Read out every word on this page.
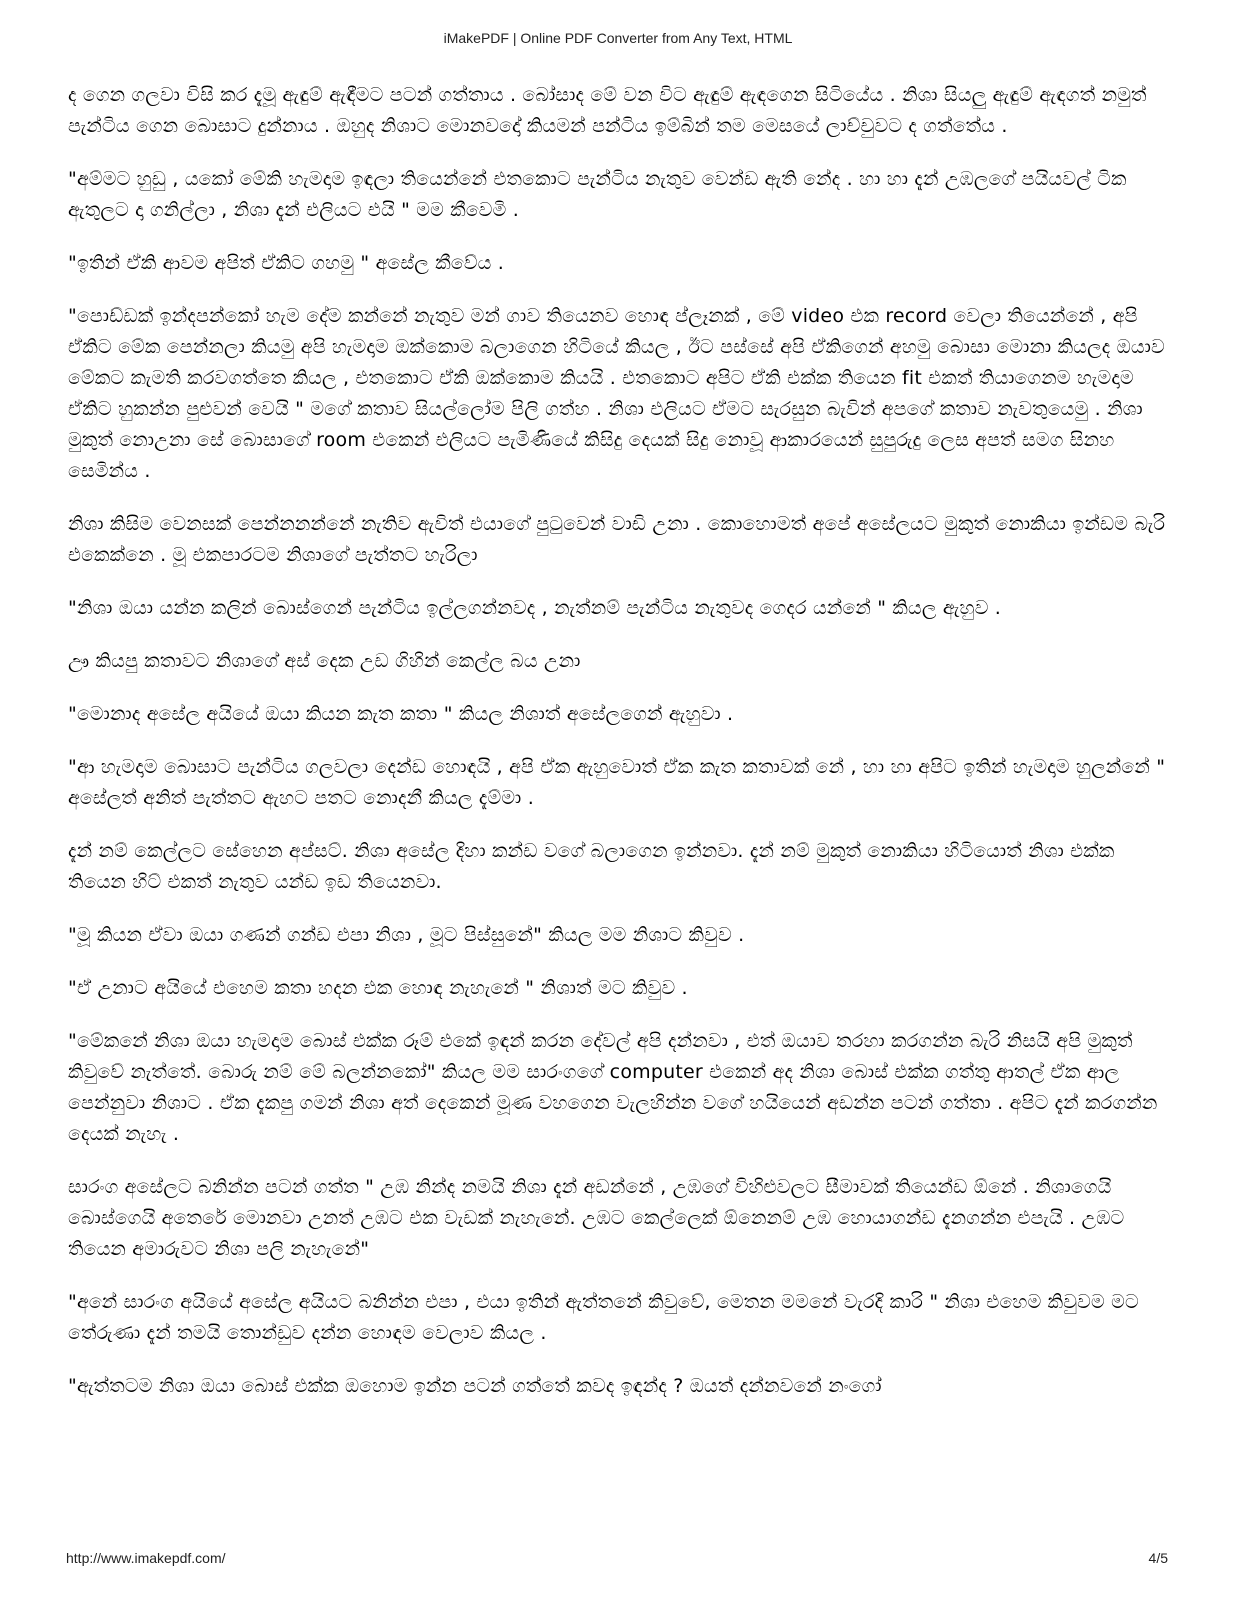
iMakePDF | Online PDF Converter from Any Text, HTML

ද ගෙන ගලවා විසි කර දැමූ ඇඳුම් ඇඳීමට පටන් ගත්තාය . බෝසාද මේ වන විට ඇඳුම් ඇඳගෙන සිටියේය . නිශා සියලු ඇඳුම් ඇඳගත් නමුත් පැන්ටිය ගෙන බොසාට දුන්නාය . ඔහුද නිශාට මොනවදෝ කියමන් පන්ටිය ඉම්බින් තම මෙසයේ ලාච්චුවට ද ගත්තේය .

"අම්මට හුඩු , යකෝ මේකි හැමදාම ඉඳලා තියෙන්නේ එතකොට පැන්ටිය නැතුව වෙන්ඩ ඇති නේද . හා හා දැන් උඹලගේ පයියවල් ටික ඇතුලට දා ගනිල්ලා , නිශා දැන් එලියට එයි " මම කීවෙමි .

"ඉතින් ඒකි ආවම අපිත් ඒකිට ගහමු " අසේල කීවේය .

"පොඩ්ඩක් ඉන්දපන්කෝ හැම දේම කන්නේ නැතුව මන් ගාව තියෙනව හොඳ ප්ලෑනක් , මේ video එක record වෙලා තියෙන්නේ , අපි ඒකිට මේක පෙන්නලා කියමු අපි හැමදාම ඔක්කොම බලාගෙන හිටියේ කියල , ඊට පස්සේ අපි ඒකිගෙන් අහමු බොසා මොනා කියලද ඔයාව මේකට කැමති කරවගත්තෙ කියල , එතකොට ඒකි ඔක්කොම කියයි . එතකොට අපිට ඒකි එක්ක තියෙන fit එකත් තියාගෙනම හැමදාම ඒකිට හුකන්න පුළුවන් වෙයි " මගේ කතාව සියල්ලෝම පිලි ගත්හ . නිශා එලියට ඒමට සැරසුන බැවින් අපගේ කතාව නැවතුයෙමු . නිශා මුකුත් නොඋනා සේ බොසාගේ room එකෙන් එලියට පැමිණියේ කිසිදු දෙයක් සිදු නොවූ ආකාරයෙන් සුපුරුදු ලෙස අපත් සමග සිනහ සෙමින්ය .

නිශා කිසිම වෙනසක් පෙන්නනන්නේ නැතිව ඇවිත් එයාගේ පුටුවෙන් වාඩි උනා . කොහොමත් අපේ අසේලයට මුකුත් නොකියා ඉන්ඩම බැරි එකෙක්නෙ . මූ එකපාරටම නිශාගේ පැත්තට හැරිලා

"නිශා ඔයා යන්න කලින් බොස්ගෙන් පැන්ටිය ඉල්ලගන්නවද , නැත්නම් පැන්ටිය නැතුවද ගෙදර යන්නේ " කියල ඇහුව .

ඌ කියපු කතාවට නිශාගේ අස් දෙක උඩ ගිහින් කෙල්ල බය උනා

"මොනාද අසේල අයියේ ඔයා කියන කැත කතා " කියල නිශාත් අසේලගෙන් ඇහුවා .

"ආ හැමදාම බොසාට පැන්ටිය ගලවලා දෙන්ඩ හොඳයි , අපි ඒක ඇහුවොත් ඒක කැත කතාවක් නේ , හා හා අපිට ඉතින් හැමදාම හුලන්නේ " අසේලත් අනිත් පැත්තට ඇහට පතට නොදනී කියල දැම්මා .

දැන් නම් කෙල්ලට සේහෙන අප්සට්. නිශා අසේල දිහා කන්ඩ වගේ බලාගෙන ඉන්නවා. දැන් නම් මුකුත් නොකියා හිටියොත් නිශා එක්ක තියෙන හිට් එකත් නැතුව යන්ඩ ඉඩ තියෙනවා.

"මූ කියන ඒවා ඔයා ගණන් ගන්ඩ එපා නිශා , මූට පිස්සුනේ" කියල මම නිශාට කිවුව .

"ඒ උනාට අයියේ එහෙම කතා හදන එක හොඳ නැහැනේ " නිශාත් මට කිවුව .

"මේකනේ නිශා ඔයා හැමදාම බොස් එක්ක රූම් එකේ ඉඳන් කරන දේවල් අපි දන්නවා , එත් ඔයාව තරහා කරගන්න බැරි නිසයි අපි මුකුත් කිවුවේ නැත්තේ. බොරු නම් මේ බලන්නකෝ" කියල මම සාරංගගේ computer එකෙන් අද නිශා බොස් එක්ක ගත්තු ආතල් ඒක ආල පෙන්නුවා නිශාට . ඒක දැකපු ගමන් නිශා අත් දෙකෙන් මූණ වහගෙන වැලහින්න වගේ හයියෙන් අඩන්න පටන් ගත්තා . අපිට දැන් කරගන්න දෙයක් නැහැ .

සාරංග අසේලට බනින්න පටන් ගත්ත " උඹ නින්ද නමයි නිශා දැන් අඩන්නේ , උඹගේ විහිළුවලට සීමාවක් තියෙන්ඩ ඕනේ . නිශාගෙයි බොස්ගෙයි අතෙරේ මොනවා උනත් උඹට එක වැඩක් නැහැනේ. උඹට කෙල්ලෙක් ඕනෙනම් උඹ හොයාගන්ඩ දැනගන්න එපැයි . උඹට තියෙන අමාරුවට නිශා පලි නැහැනේ"

"අනේ සාරංග අයියේ අසේල අයියට බනින්න එපා , එයා ඉතින් ඇත්තනේ කිවුවේ, මෙතන මමනේ වැරදි කාරි " නිශා එහෙම කිවුවම මට තේරුණා දැන් තමයි තොන්ඩුව දන්න හොඳම වෙලාව කියල .

"ඇත්තටම නිශා ඔයා බොස් එක්ක ඔහොම ඉන්න පටන් ගත්තේ කවද ඉඳන්ද ? ඔයත් දන්නවනේ නංගෝ

http://www.imakepdf.com/	4/5
